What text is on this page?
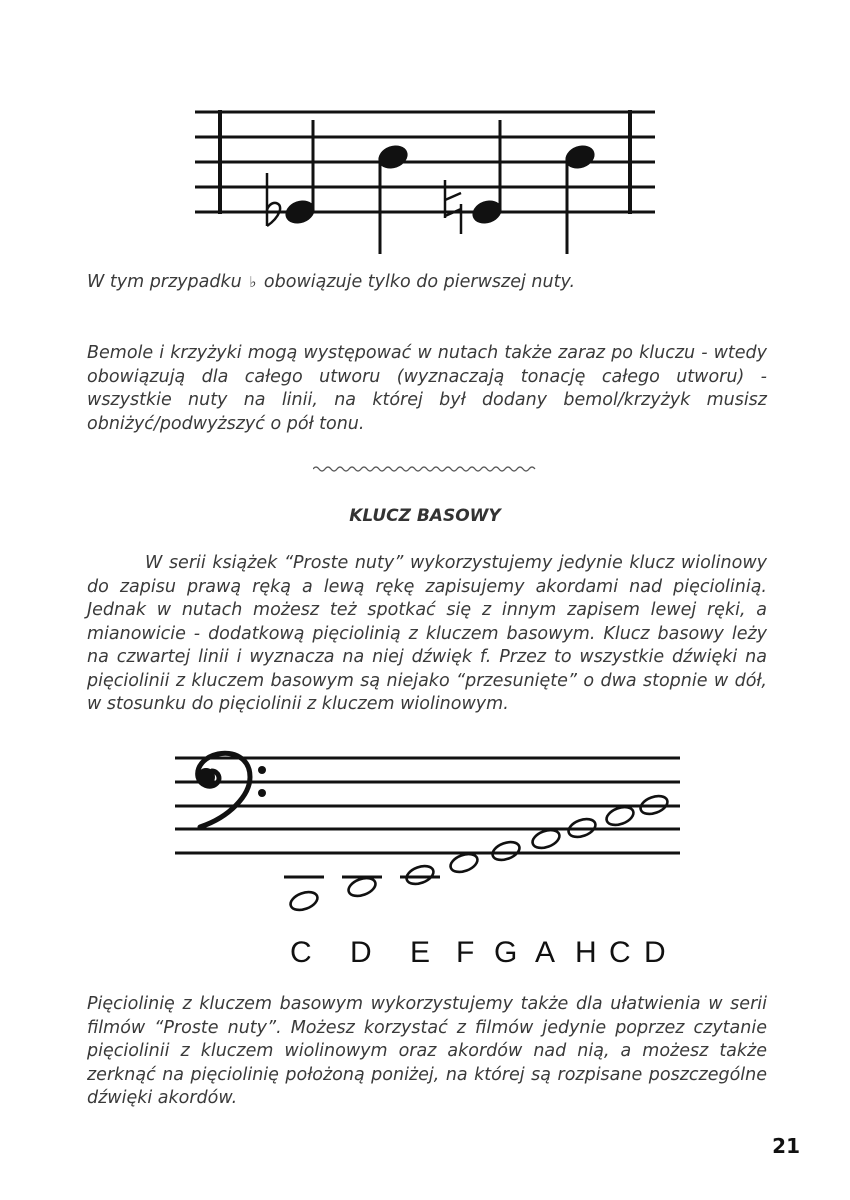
W tym przypadku ♭ obowiązuje tylko do pierwszej nuty.

Bemole i krzyżyki mogą występować w nutach także zaraz po kluczu - wtedy obowiązują dla całego utworu (wyznaczają tonację całego utworu) - wszystkie nuty na linii, na której był dodany bemol/krzyżyk musisz obniżyć/podwyższyć o pół tonu.

KLUCZ BASOWY

W serii książek “Proste nuty” wykorzystujemy jedynie klucz wiolinowy do zapisu prawą ręką a lewą rękę zapisujemy akordami nad pięciolinią. Jednak w nutach możesz też spotkać się z innym zapisem lewej ręki, a mianowicie - dodatkową pięciolinią z kluczem basowym. Klucz basowy leży na czwartej linii i wyznacza na niej dźwięk f. Przez to wszystkie dźwięki na pięciolinii z kluczem basowym są niejako “przesunięte” o dwa stopnie w dół, w stosunku do pięciolinii z kluczem wiolinowym.

C D E F G A H C D

Pięciolinię z kluczem basowym wykorzystujemy także dla ułatwienia w serii filmów “Proste nuty”. Możesz korzystać z filmów jedynie poprzez czytanie pięciolinii z kluczem wiolinowym oraz akordów nad nią, a możesz także zerknąć na pięciolinię położoną poniżej, na której są rozpisane poszczególne dźwięki akordów.

21
